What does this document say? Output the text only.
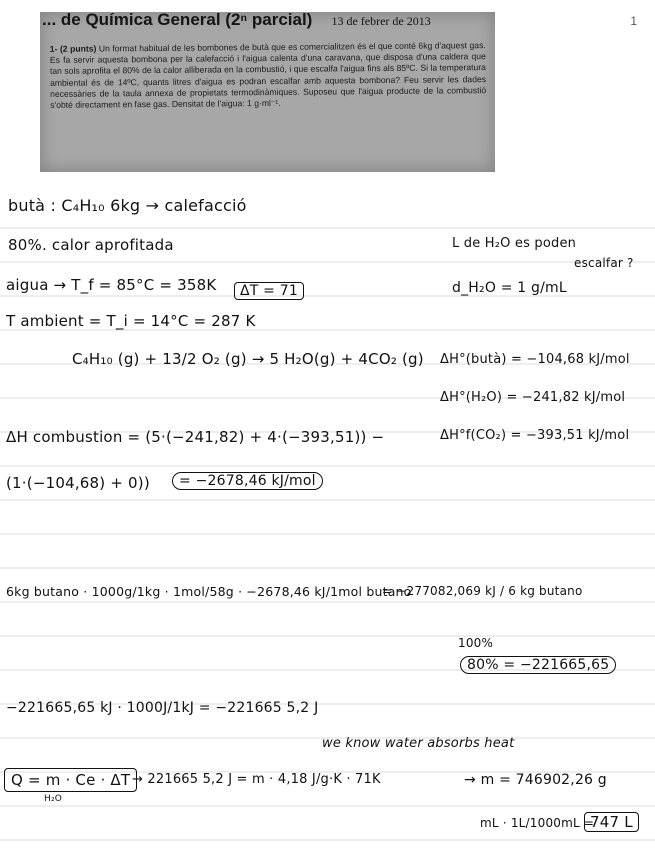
1
... de Química General (2ⁿ parcial) 13 de febrer de 2013
1- (2 punts) Un format habitual de les bombones de butà que es comercialitzen és el que conté 6kg d'aquest gas. Es fa servir aquesta bombona per la calefacció i l'aigua calenta d'una caravana, que disposa d'una caldera que tan sols aprofita el 80% de la calor alliberada en la combustió, i que escalfa l'aigua fins als 85ºC. Si la temperatura ambiental és de 14ºC, quants litres d'aigua es podran escalfar amb aquesta bombona? Feu servir les dades necessàries de la taula annexa de propietats termodinàmiques. Suposeu que l'aigua producte de la combustió s'obté directament en fase gas. Densitat de l'aigua: 1 g·ml⁻¹.
butà : C₄H₁₀ 6kg → calefacció
80%. calor aprofitada	L de H₂O es poden
escalfar ?
aigua → T_f = 85°C = 358K	ΔT = 71	d_H₂O = 1 g/mL
T ambient = T_i = 14°C = 287 K
C₄H₁₀ (g) + 13/2 O₂ (g) → 5 H₂O(g) + 4CO₂ (g) ΔH°(butà) = −104,68 kJ/mol
ΔH°(H₂O) = −241,82 kJ/mol
ΔH°f(CO₂) = −393,51 kJ/mol
ΔH combustion = (5·(−241,82) + 4·(−393,51)) −
(1·(−104,68) + 0))	= −2678,46 kJ/mol
6kg butano · 1000g/1kg · 1mol/58g · −2678,46 kJ/1mol butano
= −277082,069 kJ / 6 kg butano
100%
80% = −221665,65
−221665,65 kJ · 1000J/1kJ = −221665 5,2 J
we know water absorbs heat
Q = m · Ce · ΔT
H₂O
→ 221665 5,2 J = m · 4,18 J/g·K · 71K	→ m = 746902,26 g
mL · 1L/1000mL =
747 L
